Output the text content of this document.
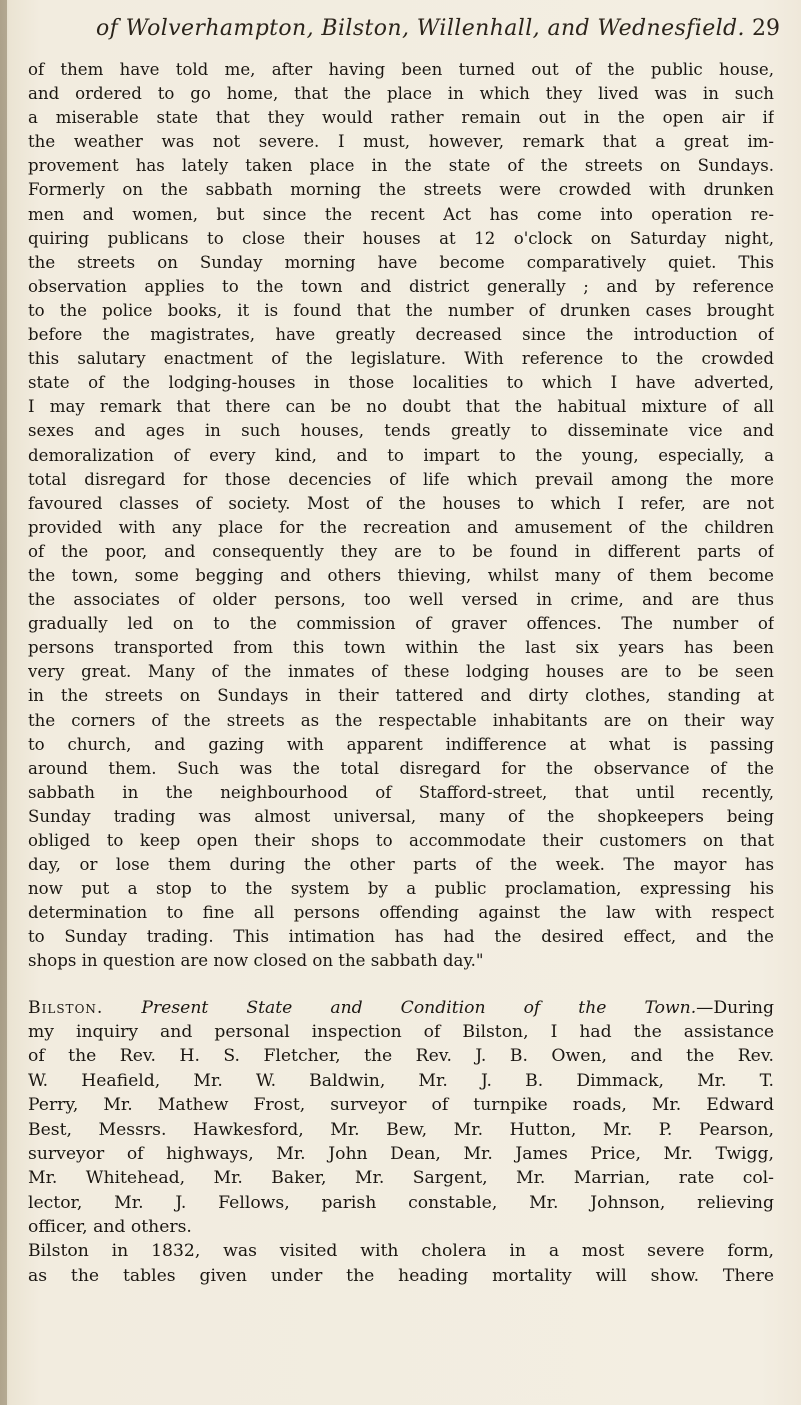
of Wolverhampton, Bilston, Willenhall, and Wednesfield. 29
of them have told me, after having been turned out of the public house,
and ordered to go home, that the place in which they lived was in such
a miserable state that they would rather remain out in the open air if
the weather was not severe. I must, however, remark that a great im-
provement has lately taken place in the state of the streets on Sundays.
Formerly on the sabbath morning the streets were crowded with drunken
men and women, but since the recent Act has come into operation re-
quiring publicans to close their houses at 12 o'clock on Saturday night,
the streets on Sunday morning have become comparatively quiet. This
observation applies to the town and district generally ; and by reference
to the police books, it is found that the number of drunken cases brought
before the magistrates, have greatly decreased since the introduction of
this salutary enactment of the legislature. With reference to the crowded
state of the lodging-houses in those localities to which I have adverted,
I may remark that there can be no doubt that the habitual mixture of all
sexes and ages in such houses, tends greatly to disseminate vice and
demoralization of every kind, and to impart to the young, especially, a
total disregard for those decencies of life which prevail among the more
favoured classes of society. Most of the houses to which I refer, are not
provided with any place for the recreation and amusement of the children
of the poor, and consequently they are to be found in different parts of
the town, some begging and others thieving, whilst many of them become
the associates of older persons, too well versed in crime, and are thus
gradually led on to the commission of graver offences. The number of
persons transported from this town within the last six years has been
very great. Many of the inmates of these lodging houses are to be seen
in the streets on Sundays in their tattered and dirty clothes, standing at
the corners of the streets as the respectable inhabitants are on their way
to church, and gazing with apparent indifference at what is passing
around them. Such was the total disregard for the observance of the
sabbath in the neighbourhood of Stafford-street, that until recently,
Sunday trading was almost universal, many of the shopkeepers being
obliged to keep open their shops to accommodate their customers on that
day, or lose them during the other parts of the week. The mayor has
now put a stop to the system by a public proclamation, expressing his
determination to fine all persons offending against the law with respect
to Sunday trading. This intimation has had the desired effect, and the
shops in question are now closed on the sabbath day."
Bilston. Present State and Condition of the Town.—During
my inquiry and personal inspection of Bilston, I had the assistance
of the Rev. H. S. Fletcher, the Rev. J. B. Owen, and the Rev.
W. Heafield, Mr. W. Baldwin, Mr. J. B. Dimmack, Mr. T.
Perry, Mr. Mathew Frost, surveyor of turnpike roads, Mr. Edward
Best, Messrs. Hawkesford, Mr. Bew, Mr. Hutton, Mr. P. Pearson,
surveyor of highways, Mr. John Dean, Mr. James Price, Mr. Twigg,
Mr. Whitehead, Mr. Baker, Mr. Sargent, Mr. Marrian, rate col-
lector, Mr. J. Fellows, parish constable, Mr. Johnson, relieving
officer, and others.
Bilston in 1832, was visited with cholera in a most severe form,
as the tables given under the heading mortality will show. There
